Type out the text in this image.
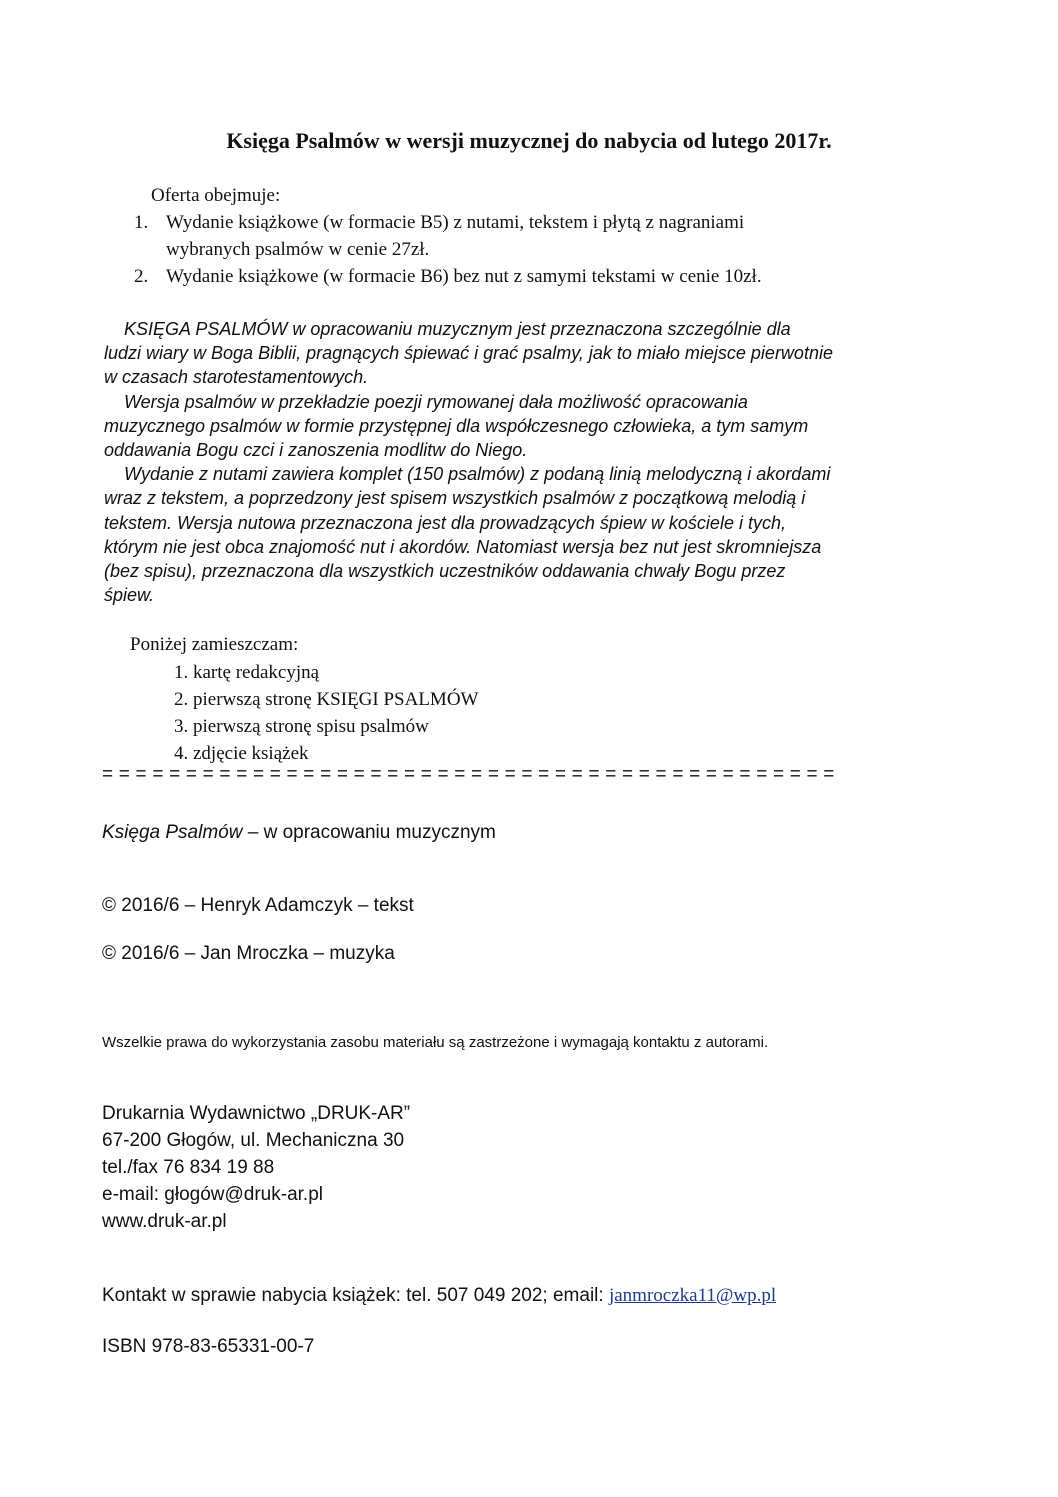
Księga Psalmów w wersji muzycznej do nabycia od lutego 2017r.
Oferta obejmuje:
1. Wydanie książkowe (w formacie B5) z nutami, tekstem i płytą z nagraniami
wybranych psalmów w cenie 27zł.
2. Wydanie książkowe (w formacie B6) bez nut z samymi tekstami w cenie 10zł.

KSIĘGA PSALMÓW w opracowaniu muzycznym jest przeznaczona szczególnie dla

ludzi wiary w Boga Biblii, pragnących śpiewać i grać psalmy, jak to miało miejsce pierwotnie

w czasach starotestamentowych.

Wersja psalmów w przekładzie poezji rymowanej dała możliwość opracowania

muzycznego psalmów w formie przystępnej dla współczesnego człowieka, a tym samym

oddawania Bogu czci i zanoszenia modlitw do Niego.

Wydanie z nutami zawiera komplet (150 psalmów) z podaną linią melodyczną i akordami

wraz z tekstem, a poprzedzony jest spisem wszystkich psalmów z początkową melodią i

tekstem. Wersja nutowa przeznaczona jest dla prowadzących śpiew w kościele i tych,

którym nie jest obca znajomość nut i akordów. Natomiast wersja bez nut jest skromniejsza

(bez spisu), przeznaczona dla wszystkich uczestników oddawania chwały Bogu przez

śpiew.

Poniżej zamieszczam:
1. kartę redakcyjną
2. pierwszą stronę KSIĘGI PSALMÓW
3. pierwszą stronę spisu psalmów
4. zdjęcie książek
= = = = = = = = = = = = = = = = = = = = = = = = = = = = = = = = = = = = = = = = = = = =
Księga Psalmów – w opracowaniu muzycznym
© 2016/6 – Henryk Adamczyk – tekst
© 2016/6 – Jan Mroczka – muzyka
Wszelkie prawa do wykorzystania zasobu materiału są zastrzeżone i wymagają kontaktu z autorami.
Drukarnia Wydawnictwo „DRUK-AR”
67-200 Głogów, ul. Mechaniczna 30
tel./fax 76 834 19 88
e-mail: głogów@druk-ar.pl
www.druk-ar.pl
Kontakt w sprawie nabycia książek: tel. 507 049 202; email: janmroczka11@wp.pl
ISBN 978-83-65331-00-7
